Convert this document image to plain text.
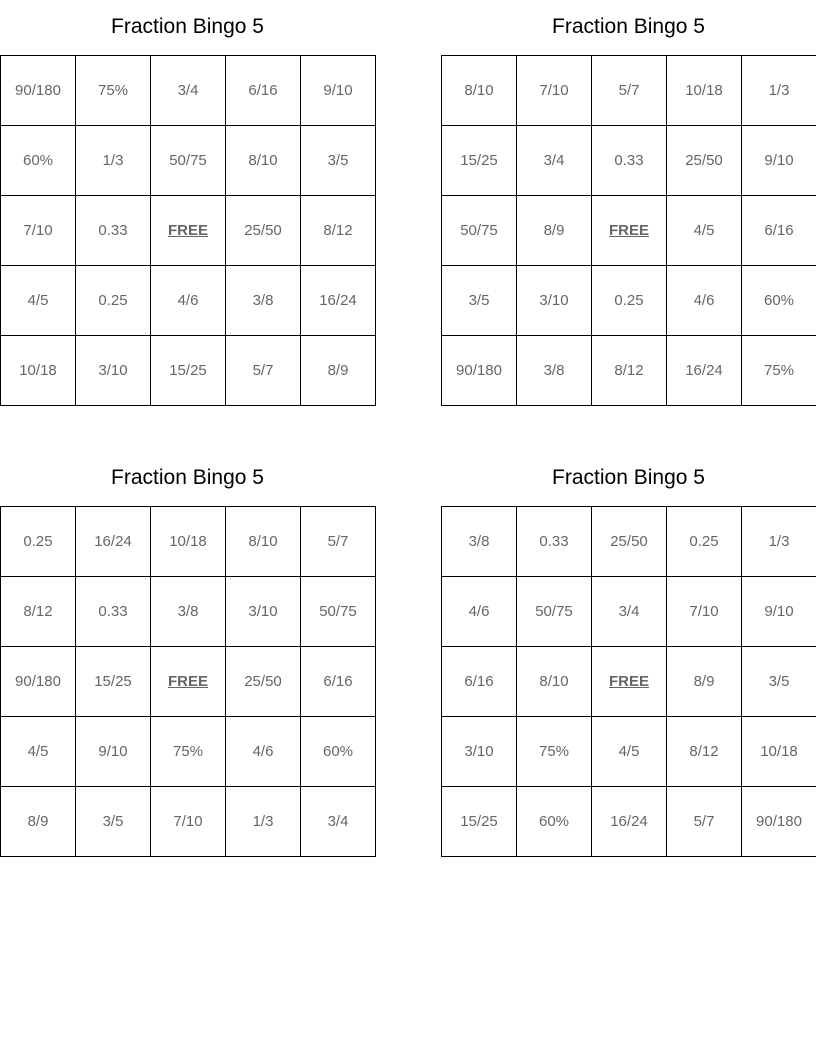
Fraction Bingo 5
90/180	75%	3/4	6/16	9/10
60%	1/3	50/75	8/10	3/5
7/10	0.33	FREE	25/50	8/12
4/5	0.25	4/6	3/8	16/24
10/18	3/10	15/25	5/7	8/9
Fraction Bingo 5
8/10	7/10	5/7	10/18	1/3
15/25	3/4	0.33	25/50	9/10
50/75	8/9	FREE	4/5	6/16
3/5	3/10	0.25	4/6	60%
90/180	3/8	8/12	16/24	75%
Fraction Bingo 5
0.25	16/24	10/18	8/10	5/7
8/12	0.33	3/8	3/10	50/75
90/180	15/25	FREE	25/50	6/16
4/5	9/10	75%	4/6	60%
8/9	3/5	7/10	1/3	3/4
Fraction Bingo 5
3/8	0.33	25/50	0.25	1/3
4/6	50/75	3/4	7/10	9/10
6/16	8/10	FREE	8/9	3/5
3/10	75%	4/5	8/12	10/18
15/25	60%	16/24	5/7	90/180
